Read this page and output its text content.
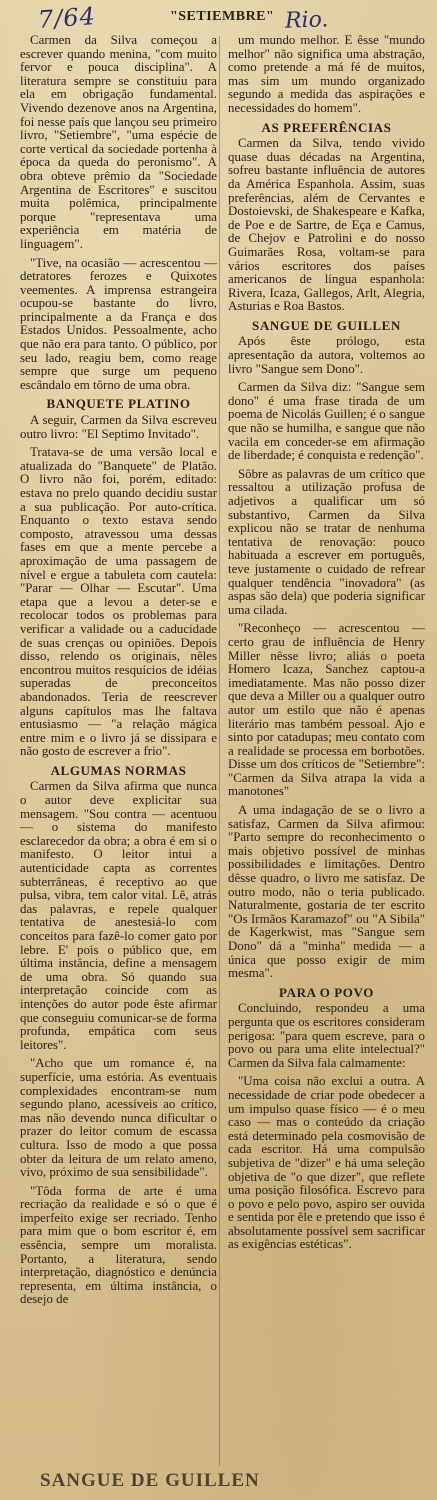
7/64	"SETIEMBRE" Rio.

Carmen da Silva começou a escrever quando menina, "com muito fervor e pouca disciplina". A literatura sempre se constituiu para ela em obrigação fundamental. Vivendo dezenove anos na Argentina, foi nesse país que lançou seu primeiro livro, "Setiembre", "uma espécie de corte vertical da sociedade portenha à época da queda do peronismo". A obra obteve prêmio da "Sociedade Argentina de Escritores" e suscitou muita polêmica, principalmente porque "representava uma experiência em matéria de linguagem".

"Tive, na ocasião — acrescentou — detratores ferozes e Quixotes veementes. A imprensa estrangeira ocupou-se bastante do livro, principalmente a da França e dos Estados Unidos. Pessoalmente, acho que não era para tanto. O público, por seu lado, reagiu bem, como reage sempre que surge um pequeno escândalo em tôrno de uma obra.

BANQUETE PLATINO

A seguir, Carmen da Silva escreveu outro livro: "El Septimo Invitado".

Tratava-se de uma versão local e atualizada do "Banquete" de Platão. O livro não foi, porém, editado: estava no prelo quando decidiu sustar a sua publicação. Por auto-crítica. Enquanto o texto estava sendo composto, atravessou uma dessas fases em que a mente percebe a aproximação de uma passagem de nível e ergue a tabuleta com cautela: "Parar — Olhar — Escutar". Uma etapa que a levou a deter-se e recolocar todos os problemas para verificar a validade ou a caducidade de suas crenças ou opiniões. Depois disso, relendo os originais, nêles encontrou muitos resquícios de idéias superadas de preconceitos abandonados. Teria de reescrever alguns capítulos mas lhe faltava entusiasmo — "a relação mágica entre mim e o livro já se dissipara e não gosto de escrever a frio".

ALGUMAS NORMAS

Carmen da Silva afirma que nunca o autor deve explicitar sua mensagem. "Sou contra — acentuou — o sistema do manifesto esclarecedor da obra; a obra é em si o manifesto. O leitor intui a autenticidade capta as correntes subterrâneas, é receptivo ao que pulsa, vibra, tem calor vital. Lê, atrás das palavras, e repele qualquer tentativa de anestesiá-lo com conceitos para fazê-lo comer gato por lebre. E' pois o público que, em última instância, define a mensagem de uma obra. Só quando sua interpretação coincide com as intenções do autor pode êste afirmar que conseguiu comunicar-se de forma profunda, empática com seus leitores".

"Acho que um romance é, na superfície, uma estória. As eventuais complexidades encontram-se num segundo plano, acessíveis ao crítico, mas não devendo nunca dificultar o prazer do leitor comum de escassa cultura. Isso de modo a que possa obter da leitura de um relato ameno, vivo, próximo de sua sensibilidade".

"Tôda forma de arte é uma recriação da realidade e só o que é imperfeito exige ser recriado. Tenho para mim que o bom escritor é, em essência, sempre um moralista. Portanto, a literatura, sendo interpretação, diagnóstico e denúncia representa, em última instância, o desejo de

um mundo melhor. E êsse "mundo melhor" não significa uma abstração, como pretende a má fé de muitos, mas sim um mundo organizado segundo a medida das aspirações e necessidades do homem".

AS PREFERÊNCIAS

Carmen da Silva, tendo vivido quase duas décadas na Argentina, sofreu bastante influência de autores da América Espanhola. Assim, suas preferências, além de Cervantes e Dostoievski, de Shakespeare e Kafka, de Poe e de Sartre, de Eça e Camus, de Chejov e Patrolini e do nosso Guimarães Rosa, voltam-se para vários escritores dos países americanos de língua espanhola: Rivera, Icaza, Gallegos, Arlt, Alegria, Asturias e Roa Bastos.

SANGUE DE GUILLEN

Após êste prólogo, esta apresentação da autora, voltemos ao livro "Sangue sem Dono".

Carmen da Silva diz: "Sangue sem dono" é uma frase tirada de um poema de Nicolás Guillen; é o sangue que não se humilha, e sangue que não vacila em conceder-se em afirmação de liberdade; é conquista e redenção".

Sôbre as palavras de um crítico que ressaltou a utilização profusa de adjetivos a qualificar um só substantivo, Carmen da Silva explicou não se tratar de nenhuma tentativa de renovação: pouco habituada a escrever em português, teve justamente o cuidado de refrear qualquer tendência "inovadora" (as aspas são dela) que poderia significar uma cilada.

"Reconheço — acrescentou — certo grau de influência de Henry Miller nêsse livro; aliás o poeta Homero Icaza, Sanchez captou-a imediatamente. Mas não posso dizer que deva a Miller ou a qualquer outro autor um estilo que não é apenas literário mas também pessoal. Ajo e sinto por catadupas; meu contato com a realidade se processa em borbotões. Disse um dos críticos de "Setiembre": "Carmen da Silva atrapa la vida a manotones"

A uma indagação de se o livro a satisfaz, Carmen da Silva afirmou: "Parto sempre do reconhecimento o mais objetivo possível de minhas possibilidades e limitações. Dentro dêsse quadro, o livro me satisfaz. De outro modo, não o teria publicado. Naturalmente, gostaria de ter escrito "Os Irmãos Karamazof" ou "A Sibila" de Kagerkwist, mas "Sangue sem Dono" dá a "minha" medida — a única que posso exigir de mim mesma".

PARA O POVO

Concluindo, respondeu a uma pergunta que os escritores consideram perigosa: "para quem escreve, para o povo ou para uma elite intelectual?" Carmen da Silva fala calmamente:

"Uma coisa não exclui a outra. A necessidade de criar pode obedecer a um impulso quase físico — é o meu caso — mas o conteúdo da criação está determinado pela cosmovisão de cada escritor. Há uma compulsão subjetiva de "dizer" e há uma seleção objetiva de "o que dizer", que reflete uma posição filosófica. Escrevo para o povo e pelo povo, aspiro ser ouvida e sentida por êle e pretendo que isso é absolutamente possível sem sacrificar as exigências estéticas".

SANGUE DE GUILLEN
